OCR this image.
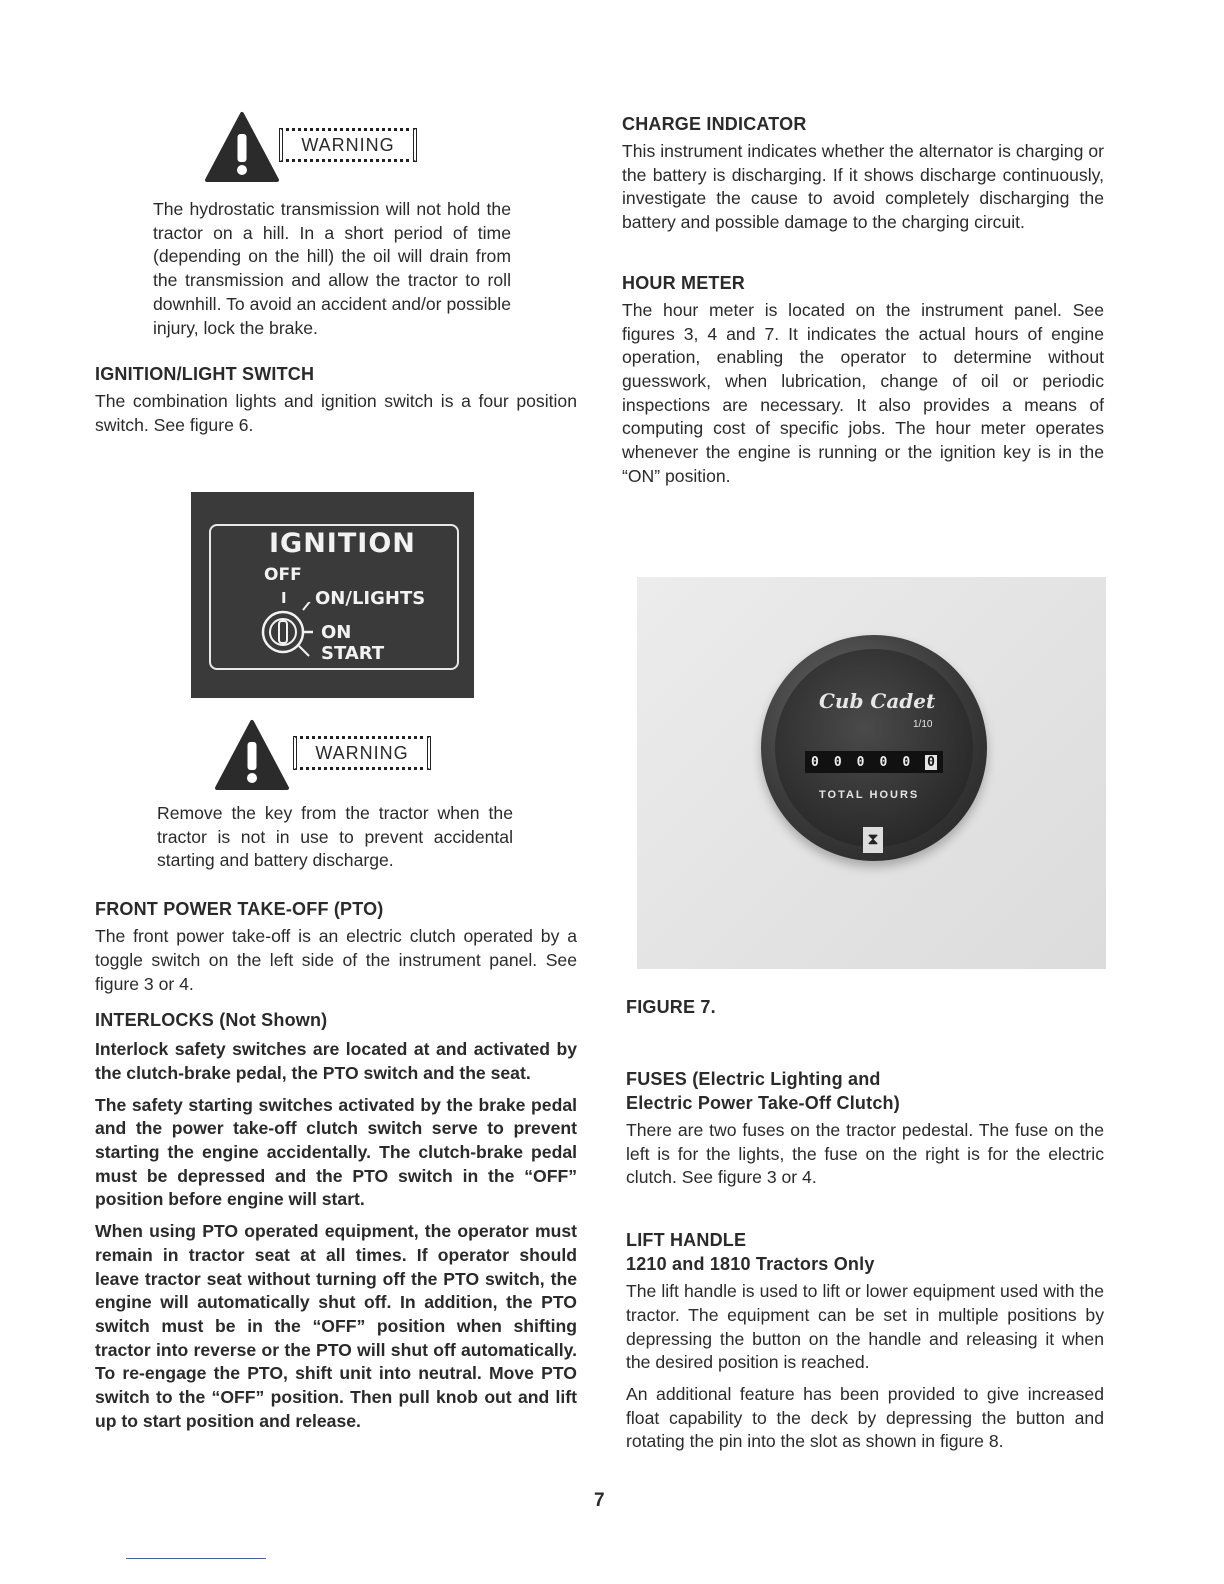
WARNING

The hydrostatic transmission will not hold the tractor on a hill. In a short period of time (depending on the hill) the oil will drain from the transmission and allow the tractor to roll downhill. To avoid an accident and/or possible injury, lock the brake.

IGNITION/LIGHT SWITCH

The combination lights and ignition switch is a four position switch. See figure 6.

IGNITION
OFF
I ON/LIGHTS
ON
START
WARNING

Remove the key from the tractor when the tractor is not in use to prevent accidental starting and battery discharge.

FRONT POWER TAKE-OFF (PTO)

The front power take-off is an electric clutch operated by a toggle switch on the left side of the instrument panel. See figure 3 or 4.

INTERLOCKS (Not Shown)

Interlock safety switches are located at and activated by the clutch-brake pedal, the PTO switch and the seat.

The safety starting switches activated by the brake pedal and the power take-off clutch switch serve to prevent starting the engine accidentally. The clutch-brake pedal must be depressed and the PTO switch in the “OFF” position before engine will start.

When using PTO operated equipment, the operator must remain in tractor seat at all times. If operator should leave tractor seat without turning off the PTO switch, the engine will automatically shut off. In addition, the PTO switch must be in the “OFF” position when shifting tractor into reverse or the PTO will shut off automatically. To re-engage the PTO, shift unit into neutral. Move PTO switch to the “OFF” position. Then pull knob out and lift up to start position and release.

CHARGE INDICATOR

This instrument indicates whether the alternator is charging or the battery is discharging. If it shows discharge continuously, investigate the cause to avoid completely discharging the battery and possible damage to the charging circuit.

HOUR METER

The hour meter is located on the instrument panel. See figures 3, 4 and 7. It indicates the actual hours of engine operation, enabling the operator to determine without guesswork, when lubrication, change of oil or periodic inspections are necessary. It also provides a means of computing cost of specific jobs. The hour meter operates whenever the engine is running or the ignition key is in the “ON” position.

Cub Cadet
1/10
0 0 0 0 0 0
TOTAL HOURS
⧗
FIGURE 7.
FUSES (Electric Lighting and
Electric Power Take-Off Clutch)

There are two fuses on the tractor pedestal. The fuse on the left is for the lights, the fuse on the right is for the electric clutch. See figure 3 or 4.

LIFT HANDLE
1210 and 1810 Tractors Only

The lift handle is used to lift or lower equipment used with the tractor. The equipment can be set in multiple positions by depressing the button on the handle and releasing it when the desired position is reached.

An additional feature has been provided to give increased float capability to the deck by depressing the button and rotating the pin into the slot as shown in figure 8.

7
